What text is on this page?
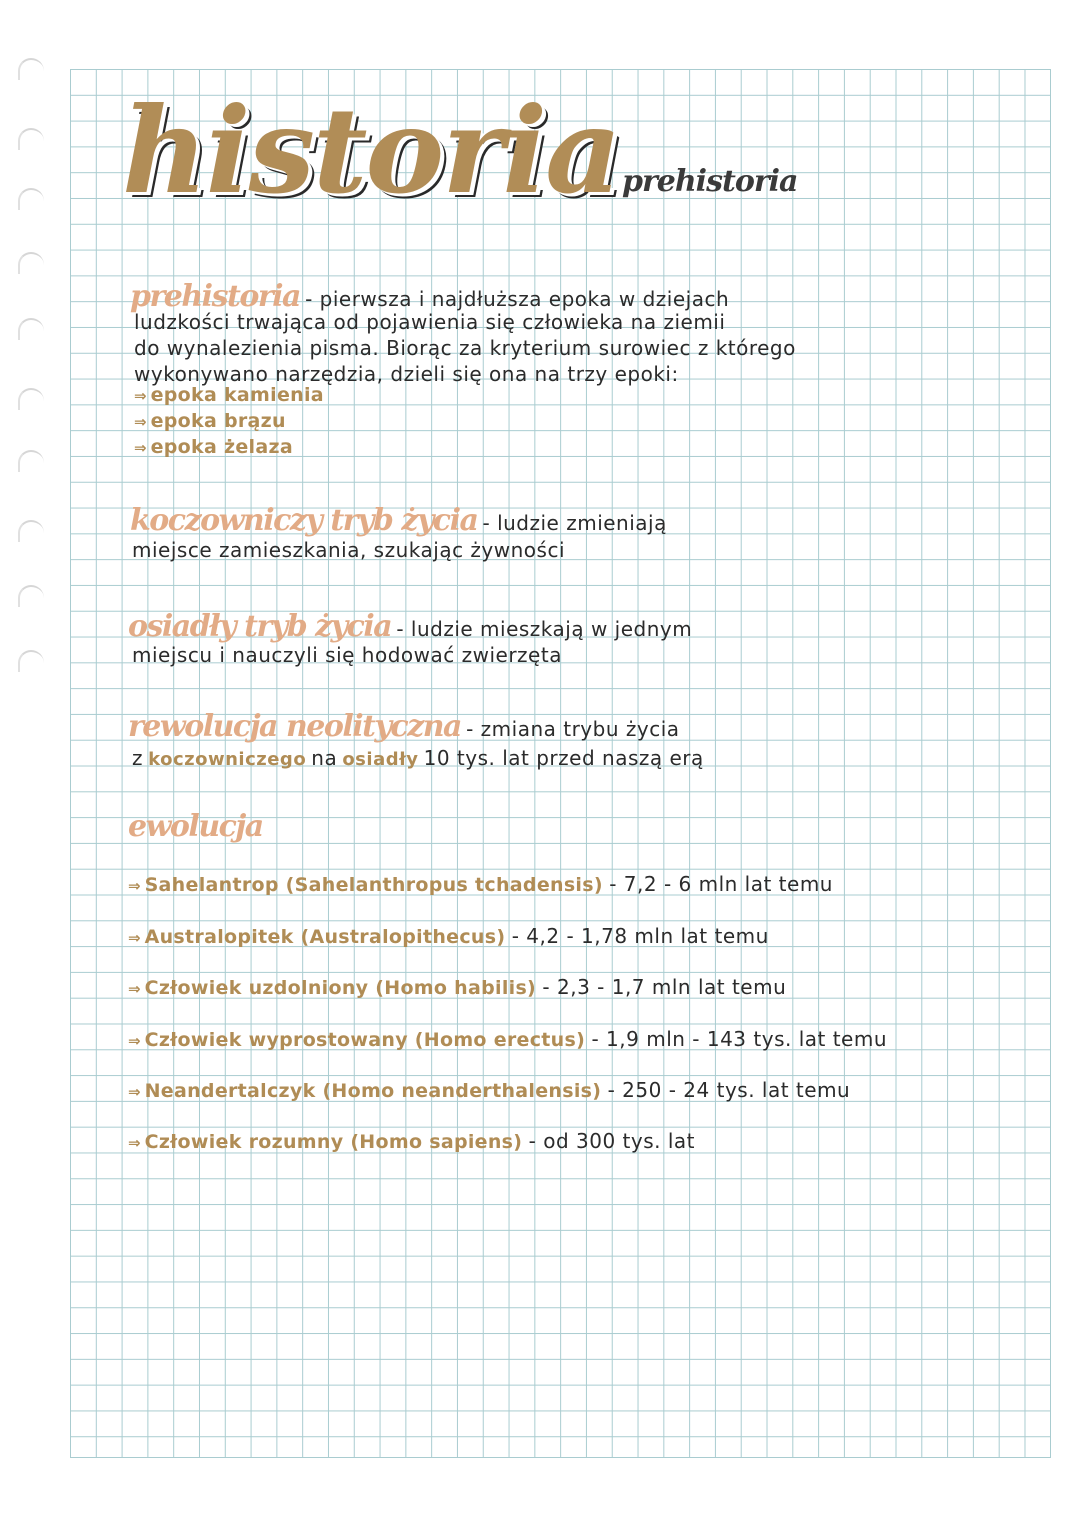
historia prehistoria
prehistoria - pierwsza i najdłuższa epoka w dziejach
ludzkości trwająca od pojawienia się człowieka na ziemii
do wynalezienia pisma. Biorąc za kryterium surowiec z którego
wykonywano narzędzia, dzieli się ona na trzy epoki:
⇒ epoka kamienia
⇒ epoka brązu
⇒ epoka żelaza
koczowniczy tryb życia - ludzie zmieniają
miejsce zamieszkania, szukając żywności
osiadły tryb życia - ludzie mieszkają w jednym
miejscu i nauczyli się hodować zwierzęta
rewolucja neolityczna - zmiana trybu życia
z koczowniczego na osiadły 10 tys. lat przed naszą erą
ewolucja
⇒ Sahelantrop (Sahelanthropus tchadensis) - 7,2 - 6 mln lat temu
⇒ Australopitek (Australopithecus) - 4,2 - 1,78 mln lat temu
⇒ Człowiek uzdolniony (Homo habilis) - 2,3 - 1,7 mln lat temu
⇒ Człowiek wyprostowany (Homo erectus) - 1,9 mln - 143 tys. lat temu
⇒ Neandertalczyk (Homo neanderthalensis) - 250 - 24 tys. lat temu
⇒ Człowiek rozumny (Homo sapiens) - od 300 tys. lat
